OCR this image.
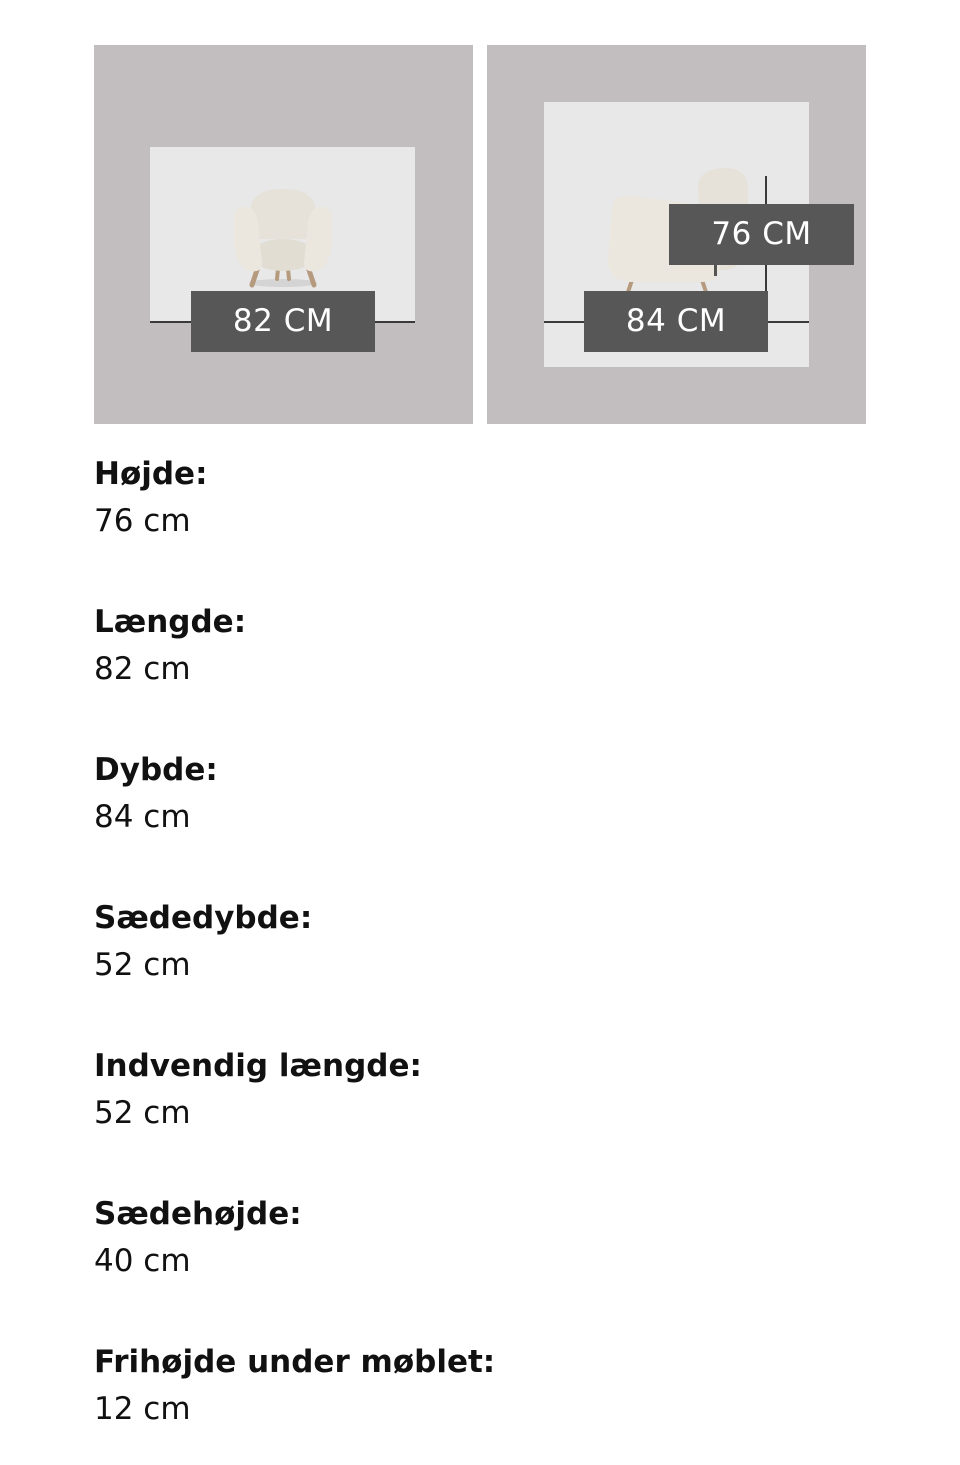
82 CM
76 CM
84 CM
Højde:
76 cm
Længde:
82 cm
Dybde:
84 cm
Sædedybde:
52 cm
Indvendig længde:
52 cm
Sædehøjde:
40 cm
Frihøjde under møblet:
12 cm
